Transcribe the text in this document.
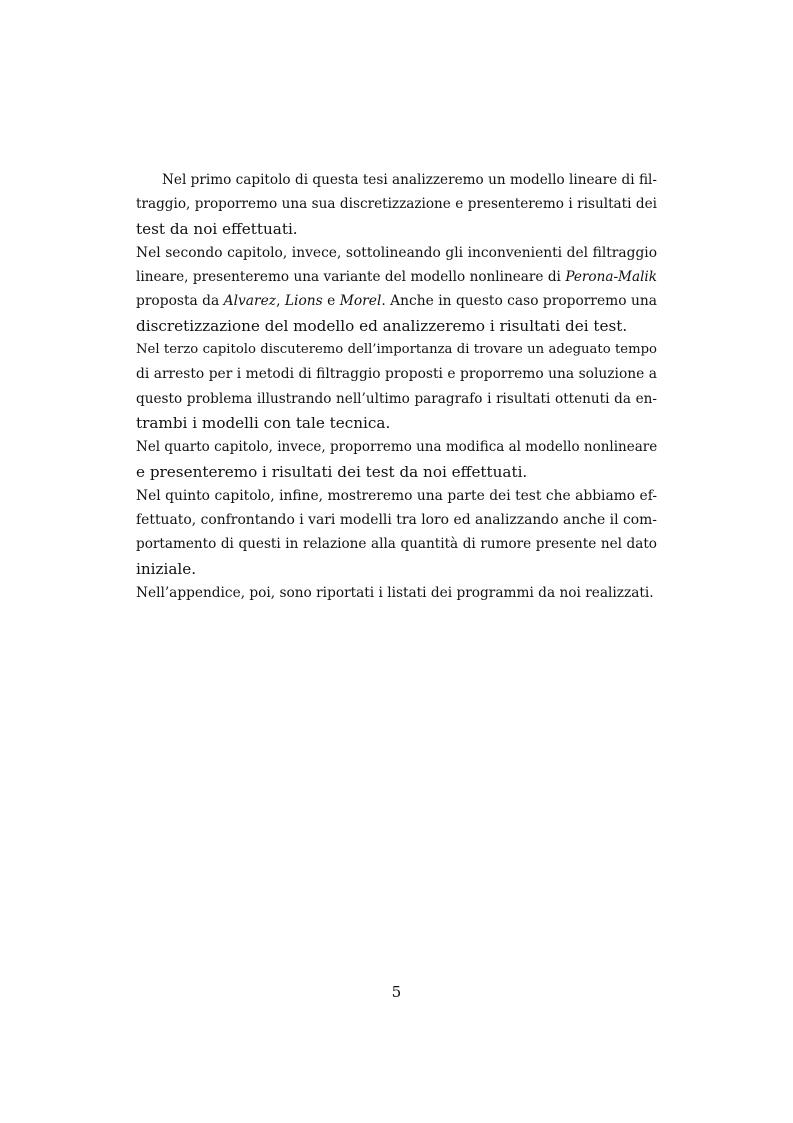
Nel primo capitolo di questa tesi analizzeremo un modello lineare di fil-
traggio, proporremo una sua discretizzazione e presenteremo i risultati dei
test da noi effettuati.
Nel secondo capitolo, invece, sottolineando gli inconvenienti del filtraggio
lineare, presenteremo una variante del modello nonlineare di Perona-Malik
proposta da Alvarez, Lions e Morel. Anche in questo caso proporremo una
discretizzazione del modello ed analizzeremo i risultati dei test.
Nel terzo capitolo discuteremo dell’importanza di trovare un adeguato tempo
di arresto per i metodi di filtraggio proposti e proporremo una soluzione a
questo problema illustrando nell’ultimo paragrafo i risultati ottenuti da en-
trambi i modelli con tale tecnica.
Nel quarto capitolo, invece, proporremo una modifica al modello nonlineare
e presenteremo i risultati dei test da noi effettuati.
Nel quinto capitolo, infine, mostreremo una parte dei test che abbiamo ef-
fettuato, confrontando i vari modelli tra loro ed analizzando anche il com-
portamento di questi in relazione alla quantità di rumore presente nel dato
iniziale.
Nell’appendice, poi, sono riportati i listati dei programmi da noi realizzati.
5
